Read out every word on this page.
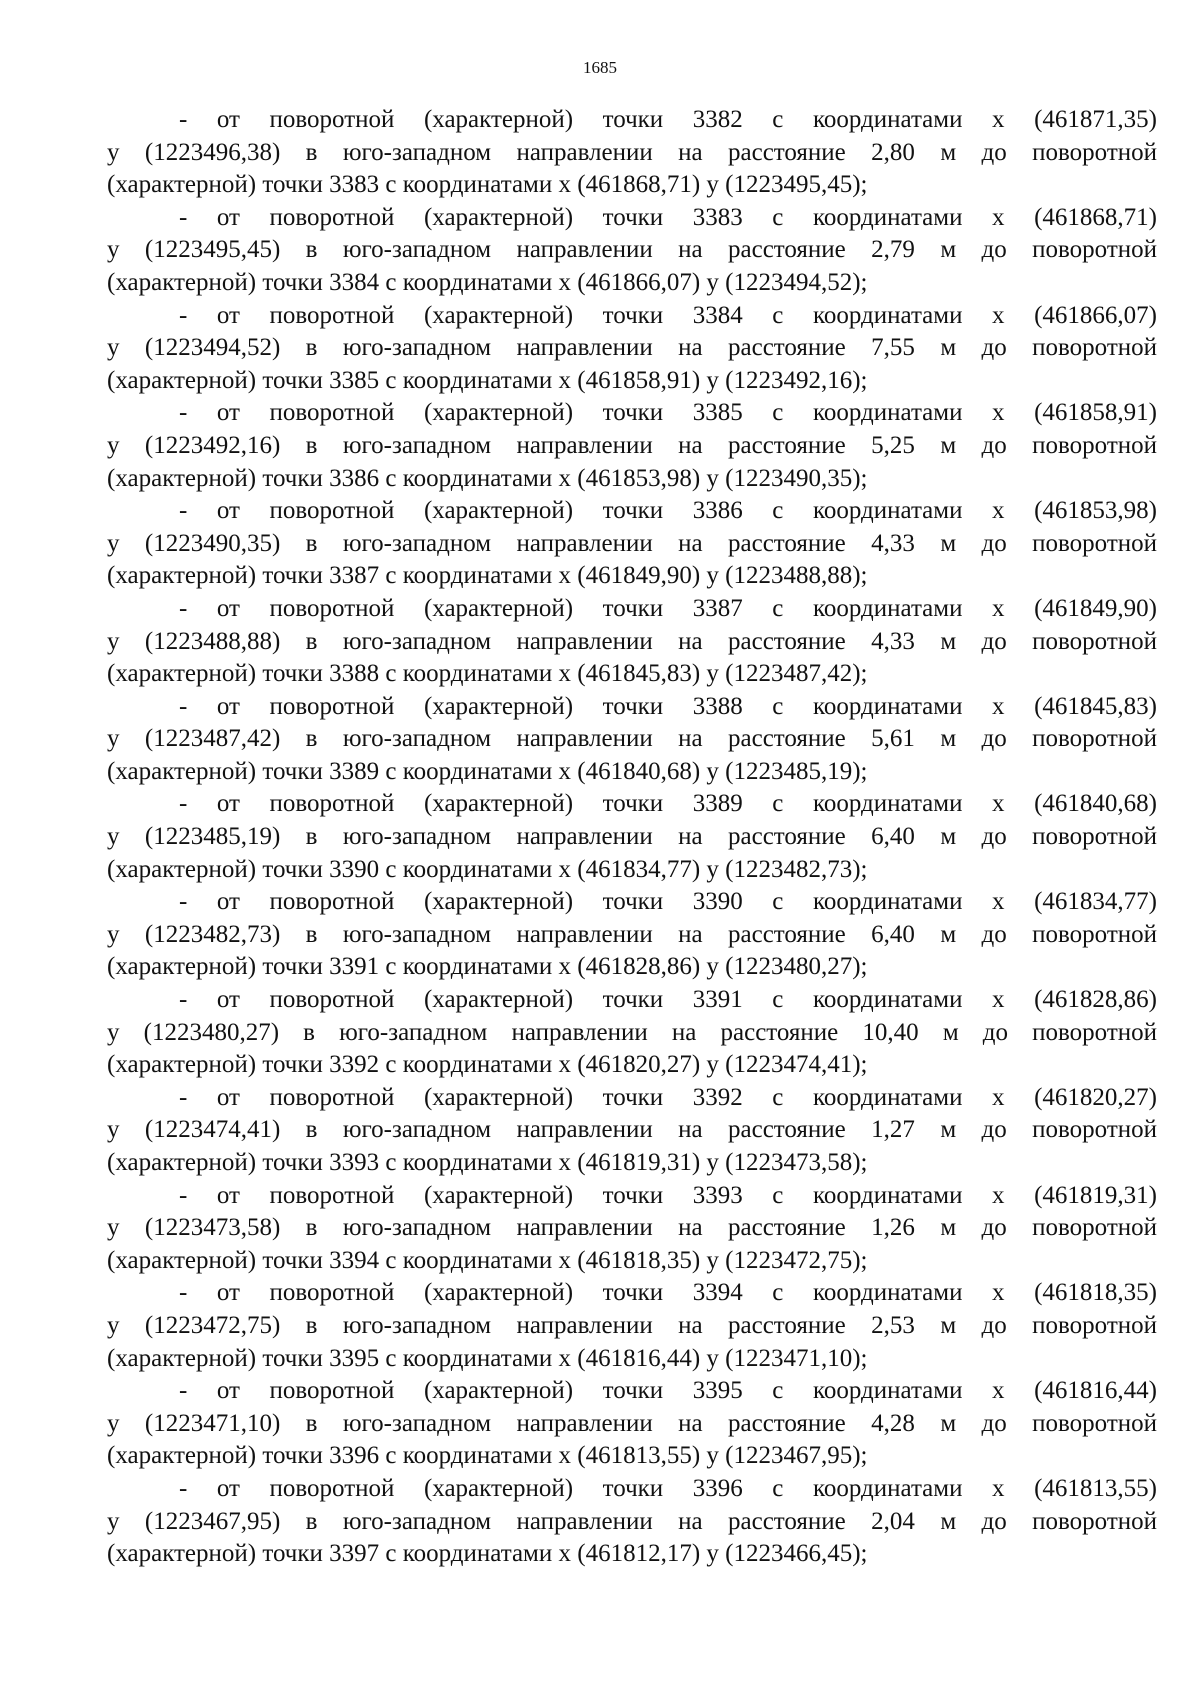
1685
- от поворотной (характерной) точки 3382 с координатами х (461871,35)
у (1223496,38) в юго-западном направлении на расстояние 2,80 м до поворотной
(характерной) точки 3383 с координатами х (461868,71) у (1223495,45);
- от поворотной (характерной) точки 3383 с координатами х (461868,71)
у (1223495,45) в юго-западном направлении на расстояние 2,79 м до поворотной
(характерной) точки 3384 с координатами х (461866,07) у (1223494,52);
- от поворотной (характерной) точки 3384 с координатами х (461866,07)
у (1223494,52) в юго-западном направлении на расстояние 7,55 м до поворотной
(характерной) точки 3385 с координатами х (461858,91) у (1223492,16);
- от поворотной (характерной) точки 3385 с координатами х (461858,91)
у (1223492,16) в юго-западном направлении на расстояние 5,25 м до поворотной
(характерной) точки 3386 с координатами х (461853,98) у (1223490,35);
- от поворотной (характерной) точки 3386 с координатами х (461853,98)
у (1223490,35) в юго-западном направлении на расстояние 4,33 м до поворотной
(характерной) точки 3387 с координатами х (461849,90) у (1223488,88);
- от поворотной (характерной) точки 3387 с координатами х (461849,90)
у (1223488,88) в юго-западном направлении на расстояние 4,33 м до поворотной
(характерной) точки 3388 с координатами х (461845,83) у (1223487,42);
- от поворотной (характерной) точки 3388 с координатами х (461845,83)
у (1223487,42) в юго-западном направлении на расстояние 5,61 м до поворотной
(характерной) точки 3389 с координатами х (461840,68) у (1223485,19);
- от поворотной (характерной) точки 3389 с координатами х (461840,68)
у (1223485,19) в юго-западном направлении на расстояние 6,40 м до поворотной
(характерной) точки 3390 с координатами х (461834,77) у (1223482,73);
- от поворотной (характерной) точки 3390 с координатами х (461834,77)
у (1223482,73) в юго-западном направлении на расстояние 6,40 м до поворотной
(характерной) точки 3391 с координатами х (461828,86) у (1223480,27);
- от поворотной (характерной) точки 3391 с координатами х (461828,86)
у (1223480,27) в юго-западном направлении на расстояние 10,40 м до поворотной
(характерной) точки 3392 с координатами х (461820,27) у (1223474,41);
- от поворотной (характерной) точки 3392 с координатами х (461820,27)
у (1223474,41) в юго-западном направлении на расстояние 1,27 м до поворотной
(характерной) точки 3393 с координатами х (461819,31) у (1223473,58);
- от поворотной (характерной) точки 3393 с координатами х (461819,31)
у (1223473,58) в юго-западном направлении на расстояние 1,26 м до поворотной
(характерной) точки 3394 с координатами х (461818,35) у (1223472,75);
- от поворотной (характерной) точки 3394 с координатами х (461818,35)
у (1223472,75) в юго-западном направлении на расстояние 2,53 м до поворотной
(характерной) точки 3395 с координатами х (461816,44) у (1223471,10);
- от поворотной (характерной) точки 3395 с координатами х (461816,44)
у (1223471,10) в юго-западном направлении на расстояние 4,28 м до поворотной
(характерной) точки 3396 с координатами х (461813,55) у (1223467,95);
- от поворотной (характерной) точки 3396 с координатами х (461813,55)
у (1223467,95) в юго-западном направлении на расстояние 2,04 м до поворотной
(характерной) точки 3397 с координатами х (461812,17) у (1223466,45);
